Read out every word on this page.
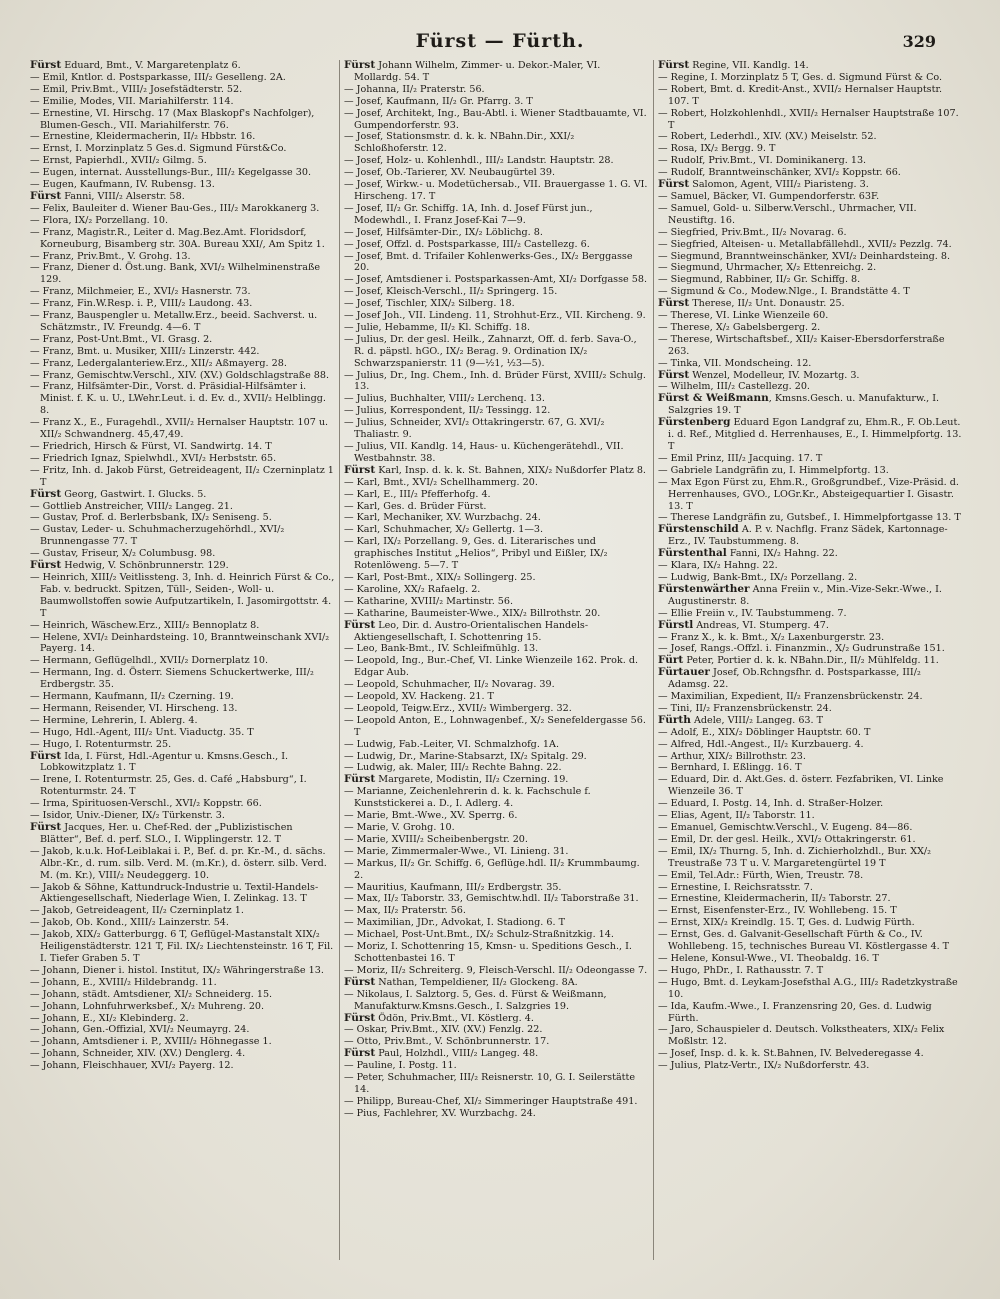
Fürst — Fürth.	329

Fürst Eduard, Bmt., V. Margaretenplatz 6.

— Emil, Kntlor. d. Postsparkasse, III/₂ Geselleng. 2A.

— Emil, Priv.Bmt., VIII/₂ Josefstädterstr. 52.

— Emilie, Modes, VII. Mariahilferstr. 114.

— Ernestine, VI. Hirschg. 17 (Max Blaskopf's Nachfolger), Blumen-Gesch., VII. Mariahilferstr. 76.

— Ernestine, Kleidermacherin, II/₂ Hbbstr. 16.

— Ernst, I. Morzinplatz 5 Ges.d. Sigmund Fürst&Co.

— Ernst, Papierhdl., XVII/₂ Gilmg. 5.

— Eugen, internat. Ausstellungs-Bur., III/₂ Kegelgasse 30.

— Eugen, Kaufmann, IV. Rubensg. 13.

Fürst Fanni, VIII/₂ Alserstr. 58.

— Felix, Bauleiter d. Wiener Bau-Ges., III/₂ Marokkanerg 3.

— Flora, IX/₂ Porzellang. 10.

— Franz, Magistr.R., Leiter d. Mag.Bez.Amt. Floridsdorf, Korneuburg, Bisamberg str. 30A. Bureau XXI/, Am Spitz 1.

— Franz, Priv.Bmt., V. Grohg. 13.

— Franz, Diener d. Öst.ung. Bank, XVI/₂ Wilhelminenstraße 129.

— Franz, Milchmeier, E., XVI/₂ Hasnerstr. 73.

— Franz, Fin.W.Resp. i. P., VIII/₂ Laudong. 43.

— Franz, Bauspengler u. Metallw.Erz., beeid. Sachverst. u. Schätzmstr., IV. Freundg. 4—6. T

— Franz, Post-Unt.Bmt., VI. Grasg. 2.

— Franz, Bmt. u. Musiker, XIII/₂ Linzerstr. 442.

— Franz, Ledergalanteriew.Erz., XII/₂ Aßmayerg. 28.

— Franz, Gemischtw.Verschl., XIV. (XV.) Goldschlagstraße 88.

— Franz, Hilfsämter-Dir., Vorst. d. Präsidial-Hilfsämter i. Minist. f. K. u. U., LWehr.Leut. i. d. Ev. d., XVII/₂ Helblingg. 8.

— Franz X., E., Furagehdl., XVII/₂ Hernalser Hauptstr. 107 u. XII/₂ Schwandnerg. 45,47,49.

— Friedrich, Hirsch & Fürst, VI. Sandwirtg. 14. T

— Friedrich Ignaz, Spielwhdl., XVI/₂ Herbststr. 65.

— Fritz, Inh. d. Jakob Fürst, Getreideagent, II/₂ Czerninplatz 1 T

Fürst Georg, Gastwirt. I. Glucks. 5.

— Gottlieb Anstreicher, VIII/₂ Langeg. 21.

— Gustav, Prof. d. Berlerbsbank, IX/₂ Seniseng. 5.

— Gustav, Leder- u. Schuhmacherzugehörhdl., XVI/₂ Brunnengasse 77. T

— Gustav, Friseur, X/₂ Columbusg. 98.

Fürst Hedwig, V. Schönbrunnerstr. 129.

— Heinrich, XIII/₂ Veitlissteng. 3, Inh. d. Heinrich Fürst & Co., Fab. v. bedruckt. Spitzen, Tüll-, Seiden-, Woll- u. Baumwollstoffen sowie Aufputzartikeln, I. Jasomirgottstr. 4. T

— Heinrich, Wäschew.Erz., XIII/₂ Bennoplatz 8.

— Helene, XVI/₂ Deinhardsteing. 10, Branntweinschank XVI/₂ Payerg. 14.

— Hermann, Geflügelhdl., XVII/₂ Dornerplatz 10.

— Hermann, Ing. d. Österr. Siemens Schuckertwerke, III/₂ Erdbergstr. 35.

— Hermann, Kaufmann, II/₂ Czerning. 19.

— Hermann, Reisender, VI. Hirscheng. 13.

— Hermine, Lehrerin, I. Ablerg. 4.

— Hugo, Hdl.-Agent, III/₂ Unt. Viaductg. 35. T

— Hugo, I. Rotenturmstr. 25.

Fürst Ida, I. Fürst, Hdl.-Agentur u. Kmsns.Gesch., I. Lobkowitzplatz 1. T

— Irene, I. Rotenturmstr. 25, Ges. d. Café „Habsburg“, I. Rotenturmstr. 24. T

— Irma, Spirituosen-Verschl., XVI/₂ Koppstr. 66.

— Isidor, Univ.-Diener, IX/₂ Türkenstr. 3.

Fürst Jacques, Her. u. Chef-Red. der „Publizistischen Blätter“, Bef. d. perf. SLO., I. Wipplingerstr. 12. T

— Jakob, k.u.k. Hof-Leiblakai i. P., Bef. d. pr. Kr.-M., d. sächs. Albr.-Kr., d. rum. silb. Verd. M. (m.Kr.), d. österr. silb. Verd. M. (m. Kr.), VIII/₂ Neudeggerg. 10.

— Jakob & Söhne, Kattundruck-Industrie u. Textil-Handels-Aktiengesellschaft, Niederlage Wien, I. Zelinkag. 13. T

— Jakob, Getreideagent, II/₂ Czerninplatz 1.

— Jakob, Ob. Kond., XIII/₂ Lainzerstr. 54.

— Jakob, XIX/₂ Gatterburgg. 6 T, Geflügel-Mastanstalt XIX/₂ Heiligenstädterstr. 121 T, Fil. IX/₂ Liechtensteinstr. 16 T, Fil. I. Tiefer Graben 5. T

— Johann, Diener i. histol. Institut, IX/₂ Währingerstraße 13.

— Johann, E., XVIII/₂ Hildebrandg. 11.

— Johann, städt. Amtsdiener, XI/₂ Schneiderg. 15.

— Johann, Lohnfuhrwerksbef., X/₂ Muhreng. 20.

— Johann, E., XI/₂ Klebinderg. 2.

— Johann, Gen.-Offizial, XVI/₂ Neumayrg. 24.

— Johann, Amtsdiener i. P., XVIII/₂ Höhnegasse 1.

— Johann, Schneider, XIV. (XV.) Denglerg. 4.

— Johann, Fleischhauer, XVI/₂ Payerg. 12.

Fürst Johann Wilhelm, Zimmer- u. Dekor.-Maler, VI. Mollardg. 54. T

— Johanna, II/₂ Praterstr. 56.

— Josef, Kaufmann, II/₂ Gr. Pfarrg. 3. T

— Josef, Architekt, Ing., Bau-Abtl. i. Wiener Stadtbauamte, VI. Gumpendorferstr. 93.

— Josef, Stationsmstr. d. k. k. NBahn.Dir., XXI/₂ Schloßhoferstr. 12.

— Josef, Holz- u. Kohlenhdl., III/₂ Landstr. Hauptstr. 28.

— Josef, Ob.-Tarierer, XV. Neubaugürtel 39.

— Josef, Wirkw.- u. Modetüchersab., VII. Brauergasse 1. G. VI. Hirscheng. 17. T

— Josef, II/₂ Gr. Schiffg. 1A, Inh. d. Josef Fürst jun., Modewhdl., I. Franz Josef-Kai 7—9.

— Josef, Hilfsämter-Dir., IX/₂ Löblichg. 8.

— Josef, Offzl. d. Postsparkasse, III/₂ Castellezg. 6.

— Josef, Bmt. d. Trifailer Kohlenwerks-Ges., IX/₂ Berggasse 20.

— Josef, Amtsdiener i. Postsparkassen-Amt, XI/₂ Dorfgasse 58.

— Josef, Kleisch-Verschl., II/₂ Springerg. 15.

— Josef, Tischler, XIX/₂ Silberg. 18.

— Josef Joh., VII. Lindeng. 11, Strohhut-Erz., VII. Kircheng. 9.

— Julie, Hebamme, II/₂ Kl. Schiffg. 18.

— Julius, Dr. der gesl. Heilk., Zahnarzt, Off. d. ferb. Sava-O., R. d. päpstl. hGO., IX/₂ Berag. 9. Ordination IX/₂ Schwarzspanierstr. 11 (9—½1, ½3—5).

— Julius, Dr., Ing. Chem., Inh. d. Brüder Fürst, XVIII/₂ Schulg. 13.

— Julius, Buchhalter, VIII/₂ Lerchenq. 13.

— Julius, Korrespondent, II/₂ Tessingg. 12.

— Julius, Schneider, XVI/₂ Ottakringerstr. 67, G. XVI/₂ Thaliastr. 9.

— Julius, VII. Kandlg. 14, Haus- u. Küchengerätehdl., VII. Westbahnstr. 38.

Fürst Karl, Insp. d. k. k. St. Bahnen, XIX/₂ Nußdorfer Platz 8.

— Karl, Bmt., XVI/₂ Schellhammerg. 20.

— Karl, E., III/₂ Pfefferhofg. 4.

— Karl, Ges. d. Brüder Fürst.

— Karl, Mechaniker, XV. Wurzbachg. 24.

— Karl, Schuhmacher, X/₂ Gellertg. 1—3.

— Karl, IX/₂ Porzellang. 9, Ges. d. Literarisches und graphisches Institut „Helios“, Pribyl und Eißler, IX/₂ Rotenlöweng. 5—7. T

— Karl, Post-Bmt., XIX/₂ Sollingerg. 25.

— Karoline, XX/₂ Rafaelg. 2.

— Katharine, XVIII/₂ Martinstr. 56.

— Katharine, Baumeister-Wwe., XIX/₂ Billrothstr. 20.

Fürst Leo, Dir. d. Austro-Orientalischen Handels-Aktiengesellschaft, I. Schottenring 15.

— Leo, Bank-Bmt., IV. Schleifmühlg. 13.

— Leopold, Ing., Bur.-Chef, VI. Linke Wienzeile 162. Prok. d. Edgar Aub.

— Leopold, Schuhmacher, II/₂ Novarag. 39.

— Leopold, XV. Hackeng. 21. T

— Leopold, Teigw.Erz., XVII/₂ Wimbergerg. 32.

— Leopold Anton, E., Lohnwagenbef., X/₂ Senefeldergasse 56. T

— Ludwig, Fab.-Leiter, VI. Schmalzhofg. 1A.

— Ludwig, Dr., Marine-Stabsarzt, IX/₂ Spitalg. 29.

— Ludwig, ak. Maler, III/₂ Rechte Bahng. 22.

Fürst Margarete, Modistin, II/₂ Czerning. 19.

— Marianne, Zeichenlehrerin d. k. k. Fachschule f. Kunststickerei a. D., I. Adlerg. 4.

— Marie, Bmt.-Wwe., XV. Sperrg. 6.

— Marie, V. Grohg. 10.

— Marie, XVIII/₂ Scheibenbergstr. 20.

— Marie, Zimmermaler-Wwe., VI. Linieng. 31.

— Markus, II/₂ Gr. Schiffg. 6, Geflüge.hdl. II/₂ Krummbaumg. 2.

— Mauritius, Kaufmann, III/₂ Erdbergstr. 35.

— Max, II/₂ Taborstr. 33, Gemischtw.hdl. II/₂ Taborstraße 31.

— Max, II/₂ Praterstr. 56.

— Maximilian, JDr., Advokat, I. Stadiong. 6. T

— Michael, Post-Unt.Bmt., IX/₂ Schulz-Straßnitzkig. 14.

— Moriz, I. Schottenring 15, Kmsn- u. Speditions Gesch., I. Schottenbastei 16. T

— Moriz, II/₂ Schreiterg. 9, Fleisch-Verschl. II/₂ Odeongasse 7.

Fürst Nathan, Tempeldiener, II/₂ Glockeng. 8A.

— Nikolaus, I. Salztorg. 5, Ges. d. Fürst & Weißmann, Manufakturw.Kmsns.Gesch., I. Salzgries 19.

Fürst Ödön, Priv.Bmt., VI. Köstlerg. 4.

— Oskar, Priv.Bmt., XIV. (XV.) Fenzlg. 22.

— Otto, Priv.Bmt., V. Schönbrunnerstr. 17.

Fürst Paul, Holzhdl., VIII/₂ Langeg. 48.

— Pauline, I. Postg. 11.

— Peter, Schuhmacher, III/₂ Reisnerstr. 10, G. I. Seilerstätte 14.

— Philipp, Bureau-Chef, XI/₂ Simmeringer Hauptstraße 491.

— Pius, Fachlehrer, XV. Wurzbachg. 24.

Fürst Regine, VII. Kandlg. 14.

— Regine, I. Morzinplatz 5 T, Ges. d. Sigmund Fürst & Co.

— Robert, Bmt. d. Kredit-Anst., XVII/₂ Hernalser Hauptstr. 107. T

— Robert, Holzkohlenhdl., XVII/₂ Hernalser Hauptstraße 107. T

— Robert, Lederhdl., XIV. (XV.) Meiselstr. 52.

— Rosa, IX/₂ Bergg. 9. T

— Rudolf, Priv.Bmt., VI. Dominikanerg. 13.

— Rudolf, Branntweinschänker, XVI/₂ Koppstr. 66.

Fürst Salomon, Agent, VIII/₂ Piaristeng. 3.

— Samuel, Bäcker, VI. Gumpendorferstr. 63F.

— Samuel, Gold- u. Silberw.Verschl., Uhrmacher, VII. Neustiftg. 16.

— Siegfried, Priv.Bmt., II/₂ Novarag. 6.

— Siegfried, Alteisen- u. Metallabfällehdl., XVII/₂ Pezzlg. 74.

— Siegmund, Branntweinschänker, XVI/₂ Deinhardsteing. 8.

— Siegmund, Uhrmacher, X/₂ Ettenreichg. 2.

— Siegmund, Rabbiner, II/₂ Gr. Schiffg. 8.

— Sigmund & Co., Modew.Nlge., I. Brandstätte 4. T

Fürst Therese, II/₂ Unt. Donaustr. 25.

— Therese, VI. Linke Wienzeile 60.

— Therese, X/₂ Gabelsbergerg. 2.

— Therese, Wirtschaftsbef., XII/₂ Kaiser-Ebersdorferstraße 263.

— Tinka, VII. Mondscheing. 12.

Fürst Wenzel, Modelleur, IV. Mozartg. 3.

— Wilhelm, III/₂ Castellezg. 20.

Fürst & Weißmann, Kmsns.Gesch. u. Manufakturw., I. Salzgries 19. T

Fürstenberg Eduard Egon Landgraf zu, Ehm.R., F. Ob.Leut. i. d. Ref., Mitglied d. Herrenhauses, E., I. Himmelpfortg. 13. T

— Emil Prinz, III/₂ Jacquing. 17. T

— Gabriele Landgräfin zu, I. Himmelpfortg. 13.

— Max Egon Fürst zu, Ehm.R., Großgrundbef., Vize-Präsid. d. Herrenhauses, GVO., LOGr.Kr., Absteigequartier I. Gisastr. 13. T

— Therese Landgräfin zu, Gutsbef., I. Himmelpfortgasse 13. T

Fürstenschild A. P. v. Nachflg. Franz Sädek, Kartonnage-Erz., IV. Taubstummeng. 8.

Fürstenthal Fanni, IX/₂ Hahng. 22.

— Klara, IX/₂ Hahng. 22.

— Ludwig, Bank-Bmt., IX/₂ Porzellang. 2.

Fürstenwärther Anna Freiin v., Min.-Vize-Sekr.-Wwe., I. Augustinerstr. 8.

— Ellie Freiin v., IV. Taubstummeng. 7.

Fürstl Andreas, VI. Stumperg. 47.

— Franz X., k. k. Bmt., X/₂ Laxenburgerstr. 23.

— Josef, Rangs.-Offzl. i. Finanzmin., X/₂ Gudrunstraße 151.

Fürt Peter, Portier d. k. k. NBahn.Dir., II/₂ Mühlfeldg. 11.

Fürtauer Josef, Ob.Rchngsfhr. d. Postsparkasse, III/₂ Adamsg. 22.

— Maximilian, Expedient, II/₂ Franzensbrückenstr. 24.

— Tini, II/₂ Franzensbrückenstr. 24.

Fürth Adele, VIII/₂ Langeg. 63. T

— Adolf, E., XIX/₂ Döblinger Hauptstr. 60. T

— Alfred, Hdl.-Angest., II/₂ Kurzbauerg. 4.

— Arthur, XIX/₂ Billrothstr. 23.

— Bernhard, I. Eßlingg. 16. T

— Eduard, Dir. d. Akt.Ges. d. österr. Fezfabriken, VI. Linke Wienzeile 36. T

— Eduard, I. Postg. 14, Inh. d. Straßer-Holzer.

— Elias, Agent, II/₂ Taborstr. 11.

— Emanuel, Gemischtw.Verschl., V. Eugeng. 84—86.

— Emil, Dr. der gesl. Heilk., XVI/₂ Ottakringerstr. 61.

— Emil, IX/₂ Thurng. 5, Inh. d. Zichierholzhdl., Bur. XX/₂ Treustraße 73 T u. V. Margaretengürtel 19 T

— Emil, Tel.Adr.: Fürth, Wien, Treustr. 78.

— Ernestine, I. Reichsratsstr. 7.

— Ernestine, Kleidermacherin, II/₂ Taborstr. 27.

— Ernst, Eisenfenster-Erz., IV. Wohllebeng. 15. T

— Ernst, XIX/₂ Kreindlg. 15. T, Ges. d. Ludwig Fürth.

— Ernst, Ges. d. Galvanit-Gesellschaft Fürth & Co., IV. Wohllebeng. 15, technisches Bureau VI. Köstlergasse 4. T

— Helene, Konsul-Wwe., VI. Theobaldg. 16. T

— Hugo, PhDr., I. Rathausstr. 7. T

— Hugo, Bmt. d. Leykam-Josefsthal A.G., III/₂ Radetzkystraße 10.

— Ida, Kaufm.-Wwe., I. Franzensring 20, Ges. d. Ludwig Fürth.

— Jaro, Schauspieler d. Deutsch. Volkstheaters, XIX/₂ Felix Moßlstr. 12.

— Josef, Insp. d. k. k. St.Bahnen, IV. Belvederegasse 4.

— Julius, Platz-Vertr., IX/₂ Nußdorferstr. 43.
